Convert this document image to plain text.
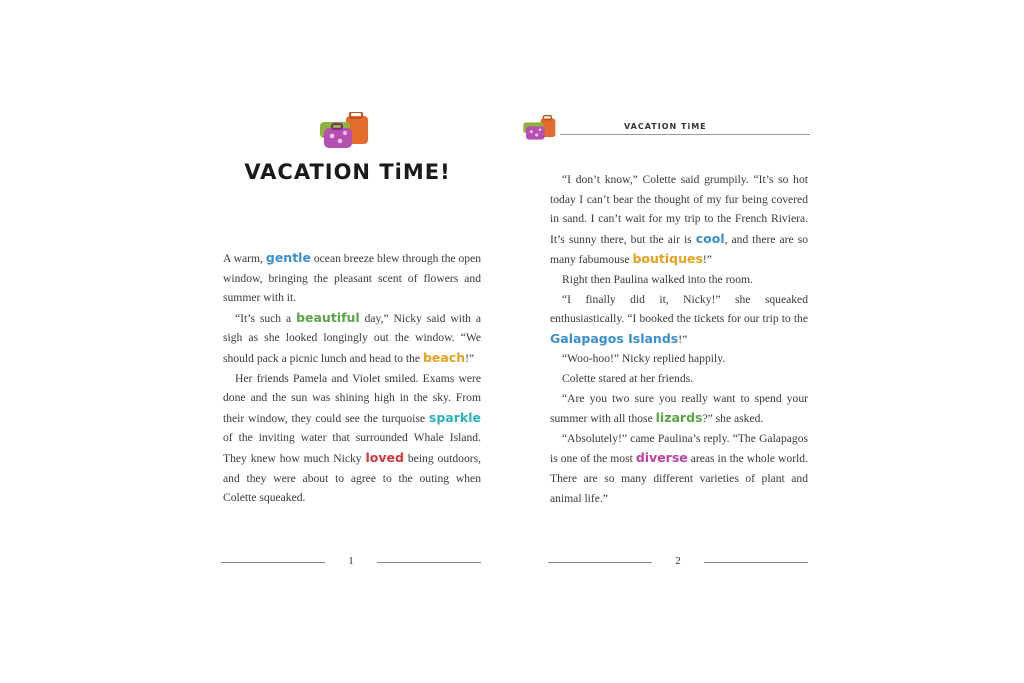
VACATION TiME!

A warm, gentle ocean breeze blew through the open window, bringing the pleasant scent of flowers and summer with it.

“It’s such a beautiful day,” Nicky said with a sigh as she looked longingly out the window. “We should pack a picnic lunch and head to the beach!”

Her friends Pamela and Violet smiled. Exams were done and the sun was shining high in the sky. From their window, they could see the turquoise sparkle of the inviting water that surrounded Whale Island. They knew how much Nicky loved being outdoors, and they were about to agree to the outing when Colette squeaked.

1
VACATION TiME

“I don’t know,” Colette said grumpily. “It’s so hot today I can’t bear the thought of my fur being covered in sand. I can’t wait for my trip to the French Riviera. It’s sunny there, but the air is cool, and there are so many fabumouse boutiques!”

Right then Paulina walked into the room.

“I finally did it, Nicky!” she squeaked enthusiastically. “I booked the tickets for our trip to the Galapagos Islands!”

“Woo-hoo!” Nicky replied happily.

Colette stared at her friends.

“Are you two sure you really want to spend your summer with all those lizards?” she asked.

“Absolutely!” came Paulina’s reply. “The Galapagos is one of the most diverse areas in the whole world. There are so many different varieties of plant and animal life.”

2
